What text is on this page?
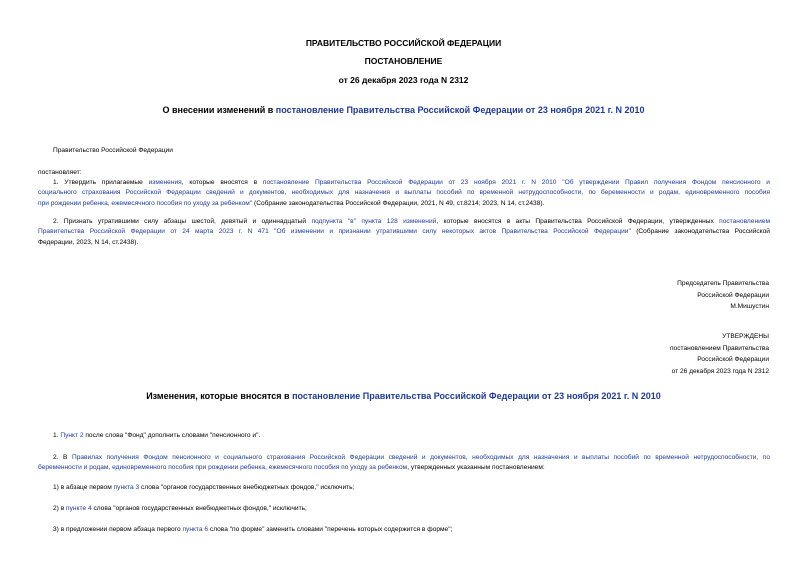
ПРАВИТЕЛЬСТВО РОССИЙСКОЙ ФЕДЕРАЦИИ
ПОСТАНОВЛЕНИЕ
от 26 декабря 2023 года N 2312
О внесении изменений в постановление Правительства Российской Федерации от 23 ноября 2021 г. N 2010
Правительство Российской Федерации
постановляет:
1. Утвердить прилагаемые изменения, которые вносятся в постановление Правительства Российской Федерации от 23 ноября 2021 г. N 2010 "Об утверждении Правил получения Фондом пенсионного и
социального страхования Российской Федерации сведений и документов, необходимых для назначения и выплаты пособий по временной нетрудоспособности, по беременности и родам, единовременного пособия
при рождении ребенка, ежемесячного пособия по уходу за ребенком" (Собрание законодательства Российской Федерации, 2021, N 49, ст.8214; 2023, N 14, ст.2438).
2. Признать утратившими силу абзацы шестой, девятый и одиннадцатый подпункта "в" пункта 128 изменений, которые вносятся в акты Правительства Российской Федерации, утвержденных постановлением
Правительства Российской Федерации от 24 марта 2023 г. N 471 "Об изменении и признании утратившими силу некоторых актов Правительства Российской Федерации" (Собрание законодательства Российской
Федерации, 2023, N 14, ст.2438).
Председатель Правительства
Российской Федерации
М.Мишустин
УТВЕРЖДЕНЫ
постановлением Правительства
Российской Федерации
от 26 декабря 2023 года N 2312
Изменения, которые вносятся в постановление Правительства Российской Федерации от 23 ноября 2021 г. N 2010
1. Пункт 2 после слова "Фонд" дополнить словами "пенсионного и".
2. В Правилах получения Фондом пенсионного и социального страхования Российской Федерации сведений и документов, необходимых для назначения и выплаты пособий по временной нетрудоспособности, по
беременности и родам, единовременного пособия при рождении ребенка, ежемесячного пособия по уходу за ребенком, утвержденных указанным постановлением:
1) в абзаце первом пункта 3 слова "органов государственных внебюджетных фондов," исключить;
2) в пункте 4 слова "органов государственных внебюджетных фондов," исключить;
3) в предложении первом абзаца первого пункта 6 слова "по форме" заменить словами "перечень которых содержится в форме";
